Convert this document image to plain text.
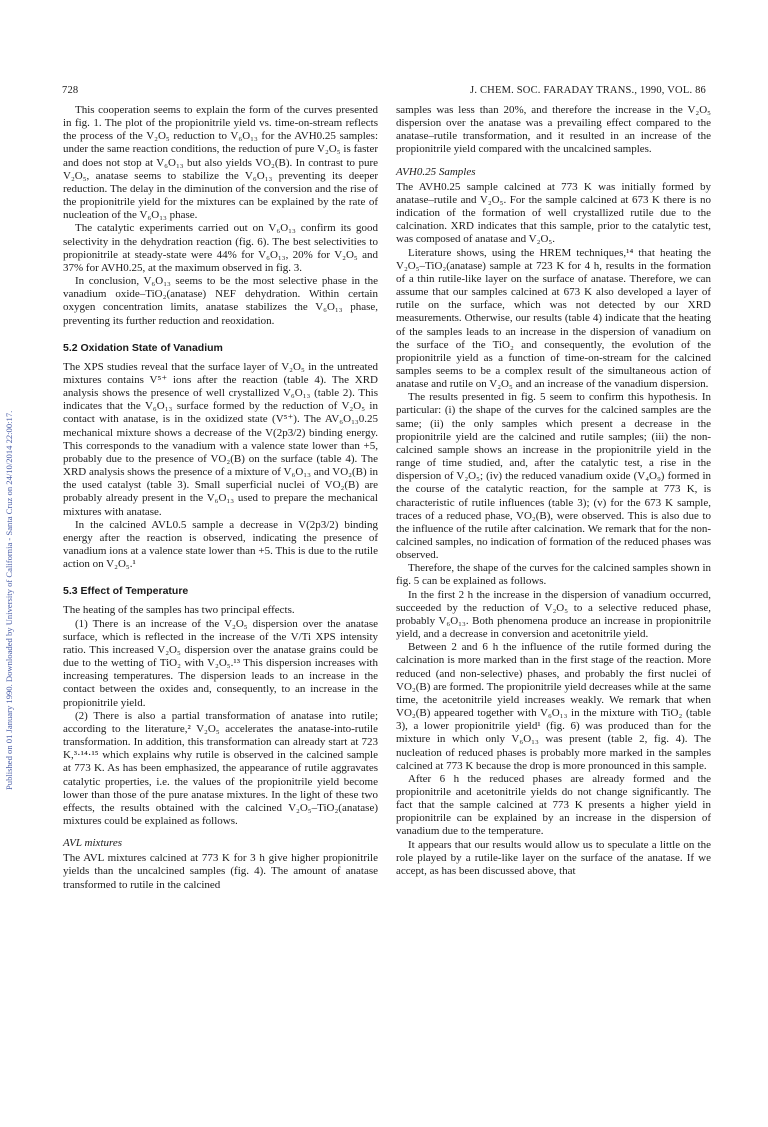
Published on 01 January 1990. Downloaded by University of California - Santa Cruz on 24/10/2014 22:00:17.
728	J. CHEM. SOC. FARADAY TRANS., 1990, VOL. 86

This cooperation seems to explain the form of the curves presented in fig. 1. The plot of the propionitrile yield vs. time-on-stream reflects the process of the V₂O₅ reduction to V₆O₁₃ for the AVH0.25 samples: under the same reaction conditions, the reduction of pure V₂O₅ is faster and does not stop at V₆O₁₃ but also yields VO₂(B). In contrast to pure V₂O₅, anatase seems to stabilize the V₆O₁₃ preventing its deeper reduction. The delay in the diminution of the conversion and the rise of the propionitrile yield for the mixtures can be explained by the rate of nucleation of the V₆O₁₃ phase.

The catalytic experiments carried out on V₆O₁₃ confirm its good selectivity in the dehydration reaction (fig. 6). The best selectivities to propionitrile at steady-state were 44% for V₆O₁₃, 20% for V₂O₅ and 37% for AVH0.25, at the maximum observed in fig. 3.

In conclusion, V₆O₁₃ seems to be the most selective phase in the vanadium oxide–TiO₂(anatase) NEF dehydration. Within certain oxygen concentration limits, anatase stabilizes the V₆O₁₃ phase, preventing its further reduction and reoxidation.

5.2 Oxidation State of Vanadium

The XPS studies reveal that the surface layer of V₂O₅ in the untreated mixtures contains V⁵⁺ ions after the reaction (table 4). The XRD analysis shows the presence of well crystallized V₆O₁₃ (table 2). This indicates that the V₆O₁₃ surface formed by the reduction of V₂O₅ in contact with anatase, is in the oxidized state (V⁵⁺). The AV₆O₁₃0.25 mechanical mixture shows a decrease of the V(2p3/2) binding energy. This corresponds to the vanadium with a valence state lower than +5, probably due to the presence of VO₂(B) on the surface (table 4). The XRD analysis shows the presence of a mixture of V₆O₁₃ and VO₂(B) in the used catalyst (table 3). Small superficial nuclei of VO₂(B) are probably already present in the V₆O₁₃ used to prepare the mechanical mixtures with anatase.

In the calcined AVL0.5 sample a decrease in V(2p3/2) binding energy after the reaction is observed, indicating the presence of vanadium ions at a valence state lower than +5. This is due to the rutile action on V₂O₅.¹

5.3 Effect of Temperature

The heating of the samples has two principal effects.

(1) There is an increase of the V₂O₅ dispersion over the anatase surface, which is reflected in the increase of the V/Ti XPS intensity ratio. This increased V₂O₅ dispersion over the anatase grains could be due to the wetting of TiO₂ with V₂O₅.¹³ This dispersion increases with increasing temperatures. The dispersion leads to an increase in the contact between the oxides and, consequently, to an increase in the propionitrile yield.

(2) There is also a partial transformation of anatase into rutile; according to the literature,² V₂O₅ accelerates the anatase-into-rutile transformation. In addition, this transformation can already start at 723 K,³·¹⁴·¹⁵ which explains why rutile is observed in the calcined sample at 773 K. As has been emphasized, the appearance of rutile aggravates catalytic properties, i.e. the values of the propionitrile yield become lower than those of the pure anatase mixtures. In the light of these two effects, the results obtained with the calcined V₂O₅–TiO₂(anatase) mixtures could be explained as follows.

AVL mixtures

The AVL mixtures calcined at 773 K for 3 h give higher propionitrile yields than the uncalcined samples (fig. 4). The amount of anatase transformed to rutile in the calcined

samples was less than 20%, and therefore the increase in the V₂O₅ dispersion over the anatase was a prevailing effect compared to the anatase–rutile transformation, and it resulted in an increase of the propionitrile yield compared with the uncalcined samples.

AVH0.25 Samples

The AVH0.25 sample calcined at 773 K was initially formed by anatase–rutile and V₂O₅. For the sample calcined at 673 K there is no indication of the formation of well crystallized rutile due to the calcination. XRD indicates that this sample, prior to the catalytic test, was composed of anatase and V₂O₅.

Literature shows, using the HREM techniques,¹⁴ that heating the V₂O₅–TiO₂(anatase) sample at 723 K for 4 h, results in the formation of a thin rutile-like layer on the surface of anatase. Therefore, we can assume that our samples calcined at 673 K also developed a layer of rutile on the surface, which was not detected by our XRD measurements. Otherwise, our results (table 4) indicate that the heating of the samples leads to an increase in the dispersion of vanadium on the surface of the TiO₂ and consequently, the evolution of the propionitrile yield as a function of time-on-stream for the calcined samples seems to be a complex result of the simultaneous action of anatase and rutile on V₂O₅ and an increase of the vanadium dispersion.

The results presented in fig. 5 seem to confirm this hypothesis. In particular: (i) the shape of the curves for the calcined samples are the same; (ii) the only samples which present a decrease in the propionitrile yield are the calcined and rutile samples; (iii) the non-calcined sample shows an increase in the propionitrile yield in the range of time studied, and, after the catalytic test, a rise in the dispersion of V₂O₅; (iv) the reduced vanadium oxide (V₄O₉) formed in the course of the catalytic reaction, for the sample at 773 K, is characteristic of rutile influences (table 3); (v) for the 673 K sample, traces of a reduced phase, VO₂(B), were observed. This is also due to the influence of the rutile after calcination. We remark that for the non-calcined samples, no indication of formation of the reduced phases was observed.

Therefore, the shape of the curves for the calcined samples shown in fig. 5 can be explained as follows.

In the first 2 h the increase in the dispersion of vanadium occurred, succeeded by the reduction of V₂O₅ to a selective reduced phase, probably V₆O₁₃. Both phenomena produce an increase in propionitrile yield, and a decrease in conversion and acetonitrile yield.

Between 2 and 6 h the influence of the rutile formed during the calcination is more marked than in the first stage of the reaction. More reduced (and non-selective) phases, and probably the first nuclei of VO₂(B) are formed. The propionitrile yield decreases while at the same time, the acetonitrile yield increases weakly. We remark that when VO₂(B) appeared together with V₆O₁₃ in the mixture with TiO₂ (table 3), a lower propionitrile yield¹ (fig. 6) was produced than for the mixture in which only V₆O₁₃ was present (table 2, fig. 4). The nucleation of reduced phases is probably more marked in the samples calcined at 773 K because the drop is more pronounced in this sample.

After 6 h the reduced phases are already formed and the propionitrile and acetonitrile yields do not change significantly. The fact that the sample calcined at 773 K presents a higher yield in propionitrile can be explained by an increase in the dispersion of vanadium due to the temperature.

It appears that our results would allow us to speculate a little on the role played by a rutile-like layer on the surface of the anatase. If we accept, as has been discussed above, that
